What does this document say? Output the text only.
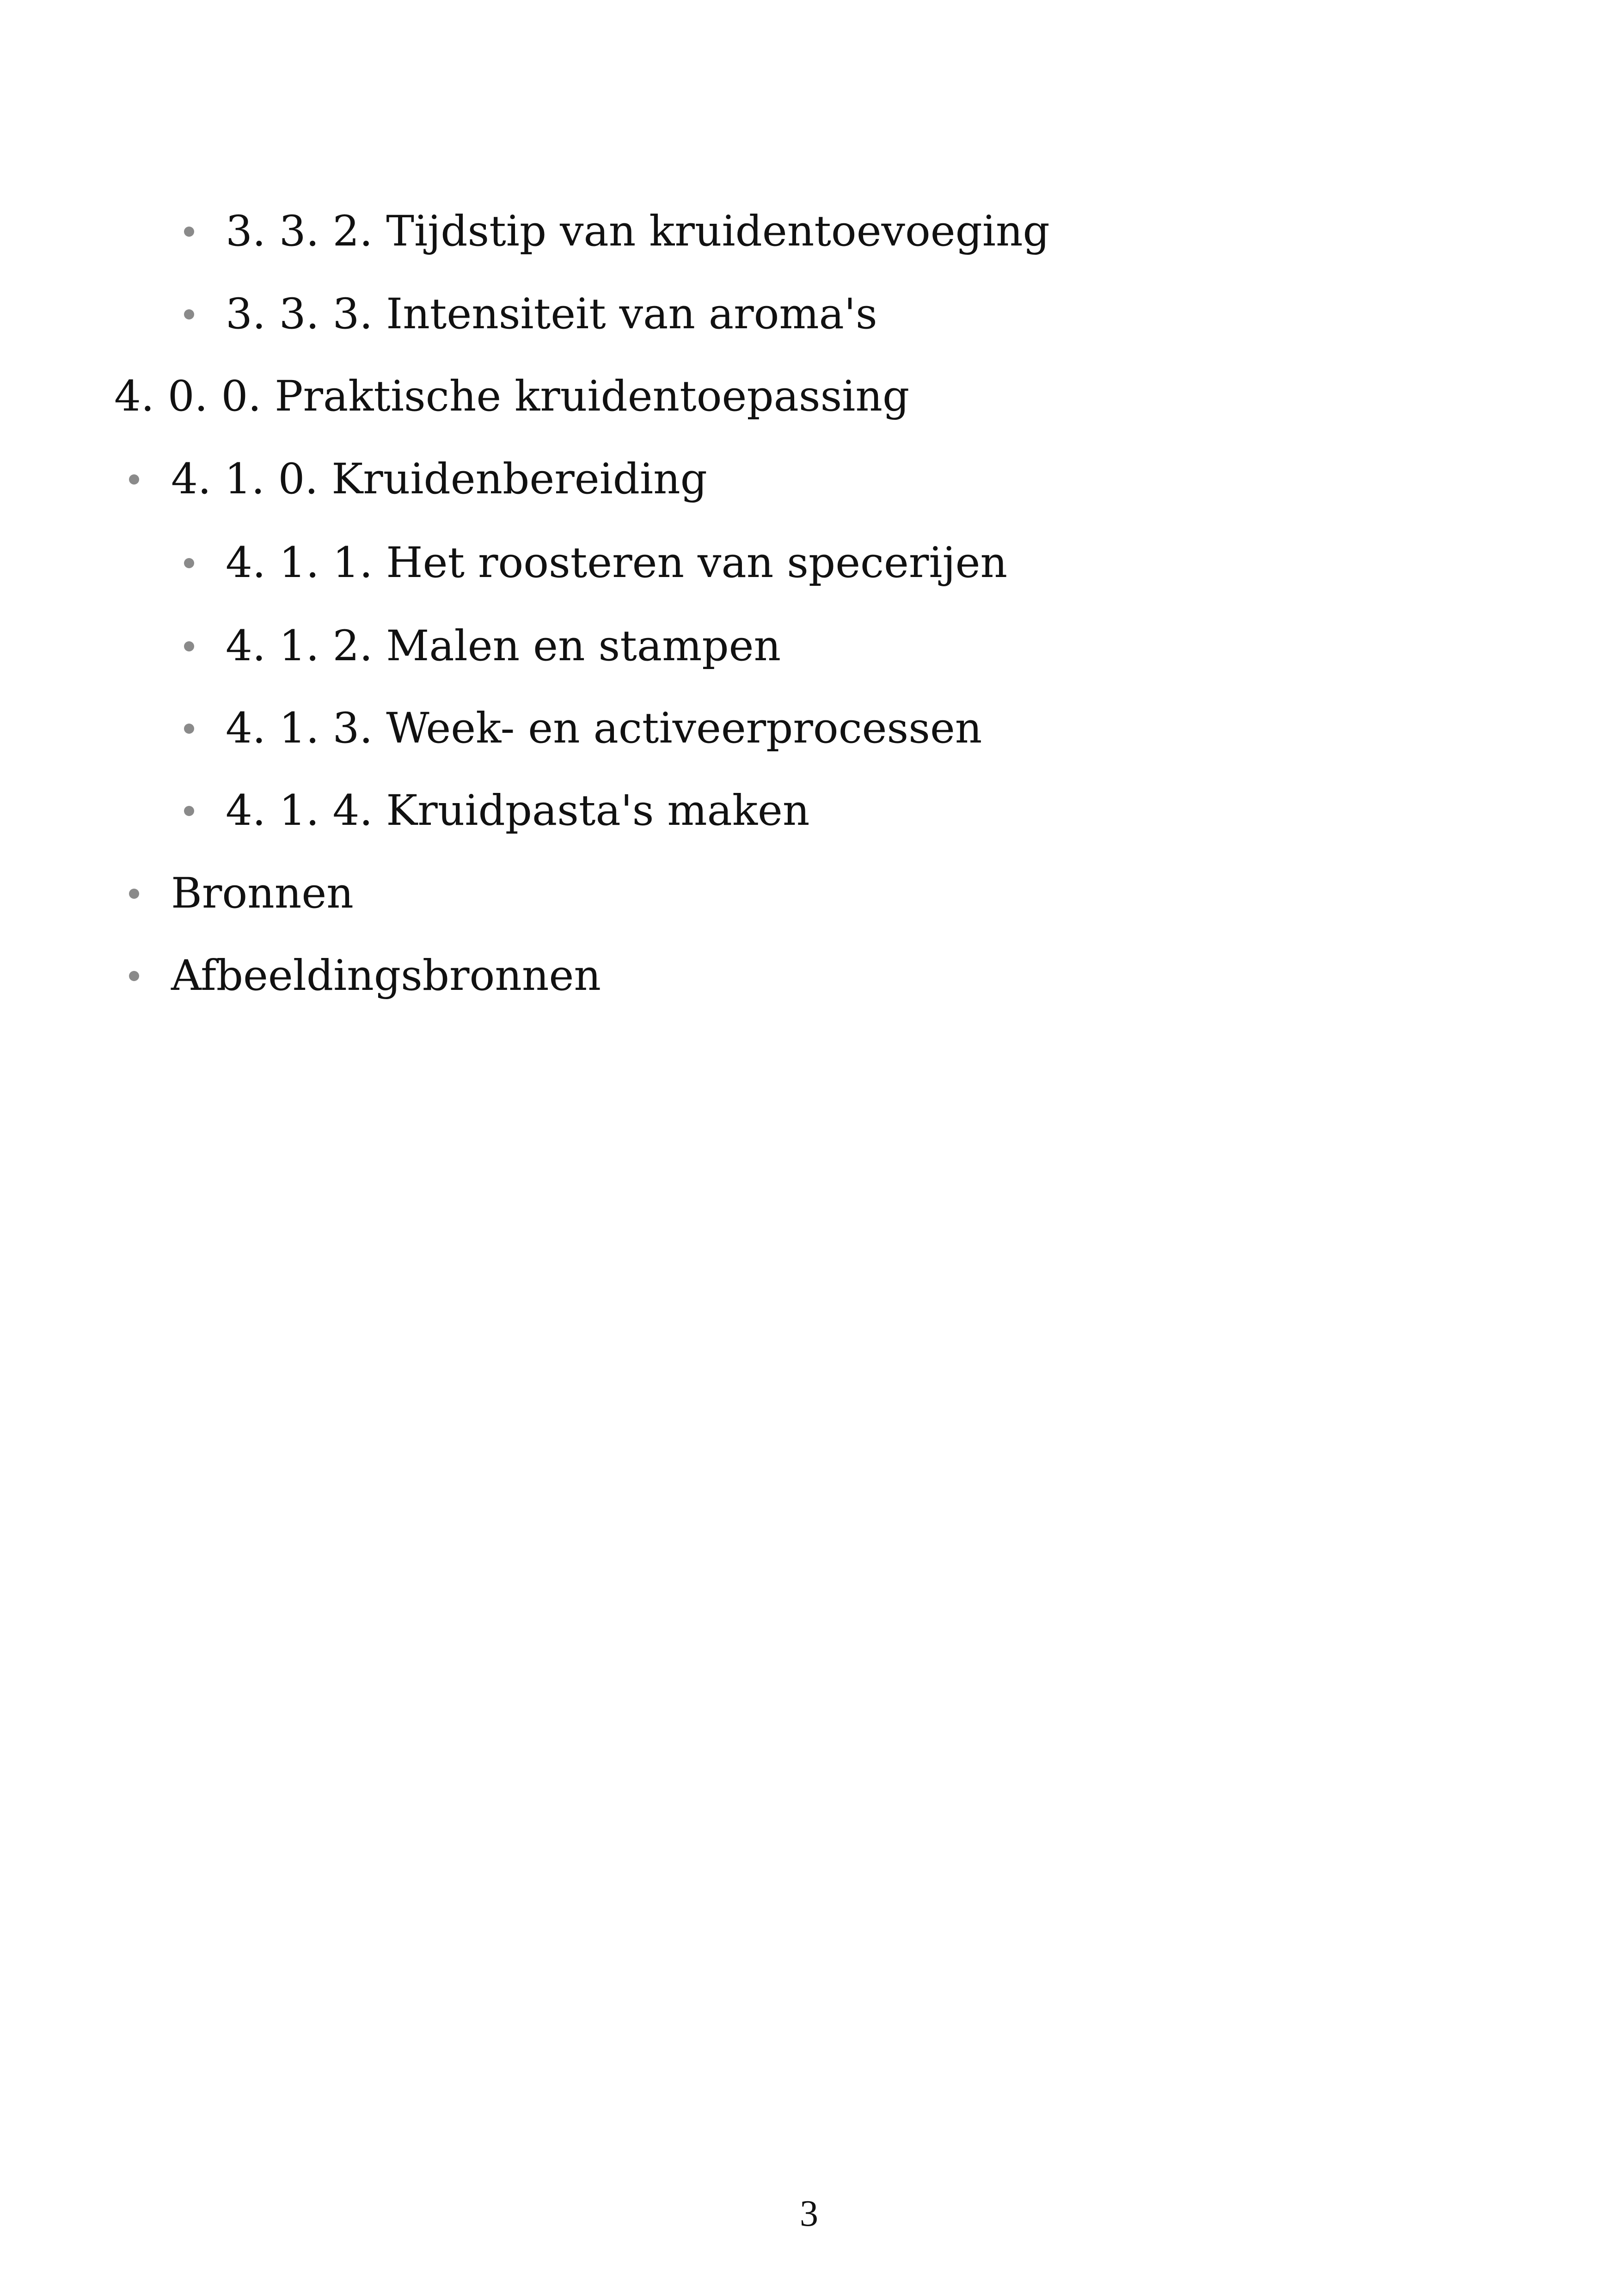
3. 3. 2. Tijdstip van kruidentoevoeging
3. 3. 3. Intensiteit van aroma's
4. 0. 0. Praktische kruidentoepassing
4. 1. 0. Kruidenbereiding
4. 1. 1. Het roosteren van specerijen
4. 1. 2. Malen en stampen
4. 1. 3. Week- en activeerprocessen
4. 1. 4. Kruidpasta's maken
Bronnen
Afbeeldingsbronnen
3
